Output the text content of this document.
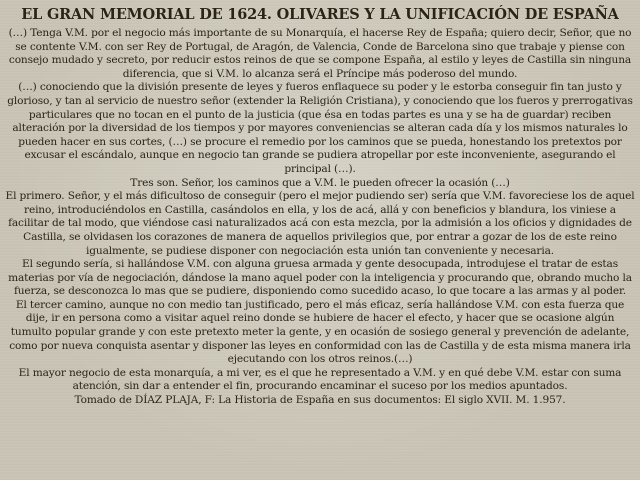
EL GRAN MEMORIAL DE 1624. OLIVARES Y LA UNIFICACIÓN DE ESPAÑA

(…) Tenga V.M. por el negocio más importante de su Monarquía, el hacerse Rey de España; quiero decir, Señor, que no se contente V.M. con ser Rey de Portugal, de Aragón, de Valencia, Conde de Barcelona sino que trabaje y piense con consejo mudado y secreto, por reducir estos reinos de que se compone España, al estilo y leyes de Castilla sin ninguna diferencia, que si V.M. lo alcanza será el Príncipe más poderoso del mundo.

(…) conociendo que la división presente de leyes y fueros enflaquece su poder y le estorba conseguir fin tan justo y glorioso, y tan al servicio de nuestro señor (extender la Religión Cristiana), y conociendo que los fueros y prerrogativas particulares que no tocan en el punto de la justicia (que ésa en todas partes es una y se ha de guardar) reciben alteración por la diversidad de los tiempos y por mayores conveniencias se alteran cada día y los mismos naturales lo pueden hacer en sus cortes, (…) se procure el remedio por los caminos que se pueda, honestando los pretextos por excusar el escándalo, aunque en negocio tan grande se pudiera atropellar por este inconveniente, asegurando el principal (…).

Tres son. Señor, los caminos que a V.M. le pueden ofrecer la ocasión (…)

El primero. Señor, y el más dificultoso de conseguir (pero el mejor pudiendo ser) sería que V.M. favoreciese los de aquel reino, introduciéndolos en Castilla, casándolos en ella, y los de acá, allá y con beneficios y blandura, los viniese a facilitar de tal modo, que viéndose casi naturalizados acá con esta mezcla, por la admisión a los oficios y dignidades de Castilla, se olvidasen los corazones de manera de aquellos privilegios que, por entrar a gozar de los de este reino igualmente, se pudiese disponer con negociación esta unión tan conveniente y necesaria.

El segundo sería, si hallándose V.M. con alguna gruesa armada y gente desocupada, introdujese el tratar de estas materias por vía de negociación, dándose la mano aquel poder con la inteligencia y procurando que, obrando mucho la fuerza, se desconozca lo mas que se pudiere, disponiendo como sucedido acaso, lo que tocare a las armas y al poder.

El tercer camino, aunque no con medio tan justificado, pero el más eficaz, sería hallándose V.M. con esta fuerza que dije, ir en persona como a visitar aquel reino donde se hubiere de hacer el efecto, y hacer que se ocasione algún tumulto popular grande y con este pretexto meter la gente, y en ocasión de sosiego general y prevención de adelante, como por nueva conquista asentar y disponer las leyes en conformidad con las de Castilla y de esta misma manera irla ejecutando con los otros reinos.(…)

El mayor negocio de esta monarquía, a mi ver, es el que he representado a V.M. y en qué debe V.M. estar con suma atención, sin dar a entender el fin, procurando encaminar el suceso por los medios apuntados.

Tomado de DÍAZ PLAJA, F: La Historia de España en sus documentos: El siglo XVII. M. 1.957.
